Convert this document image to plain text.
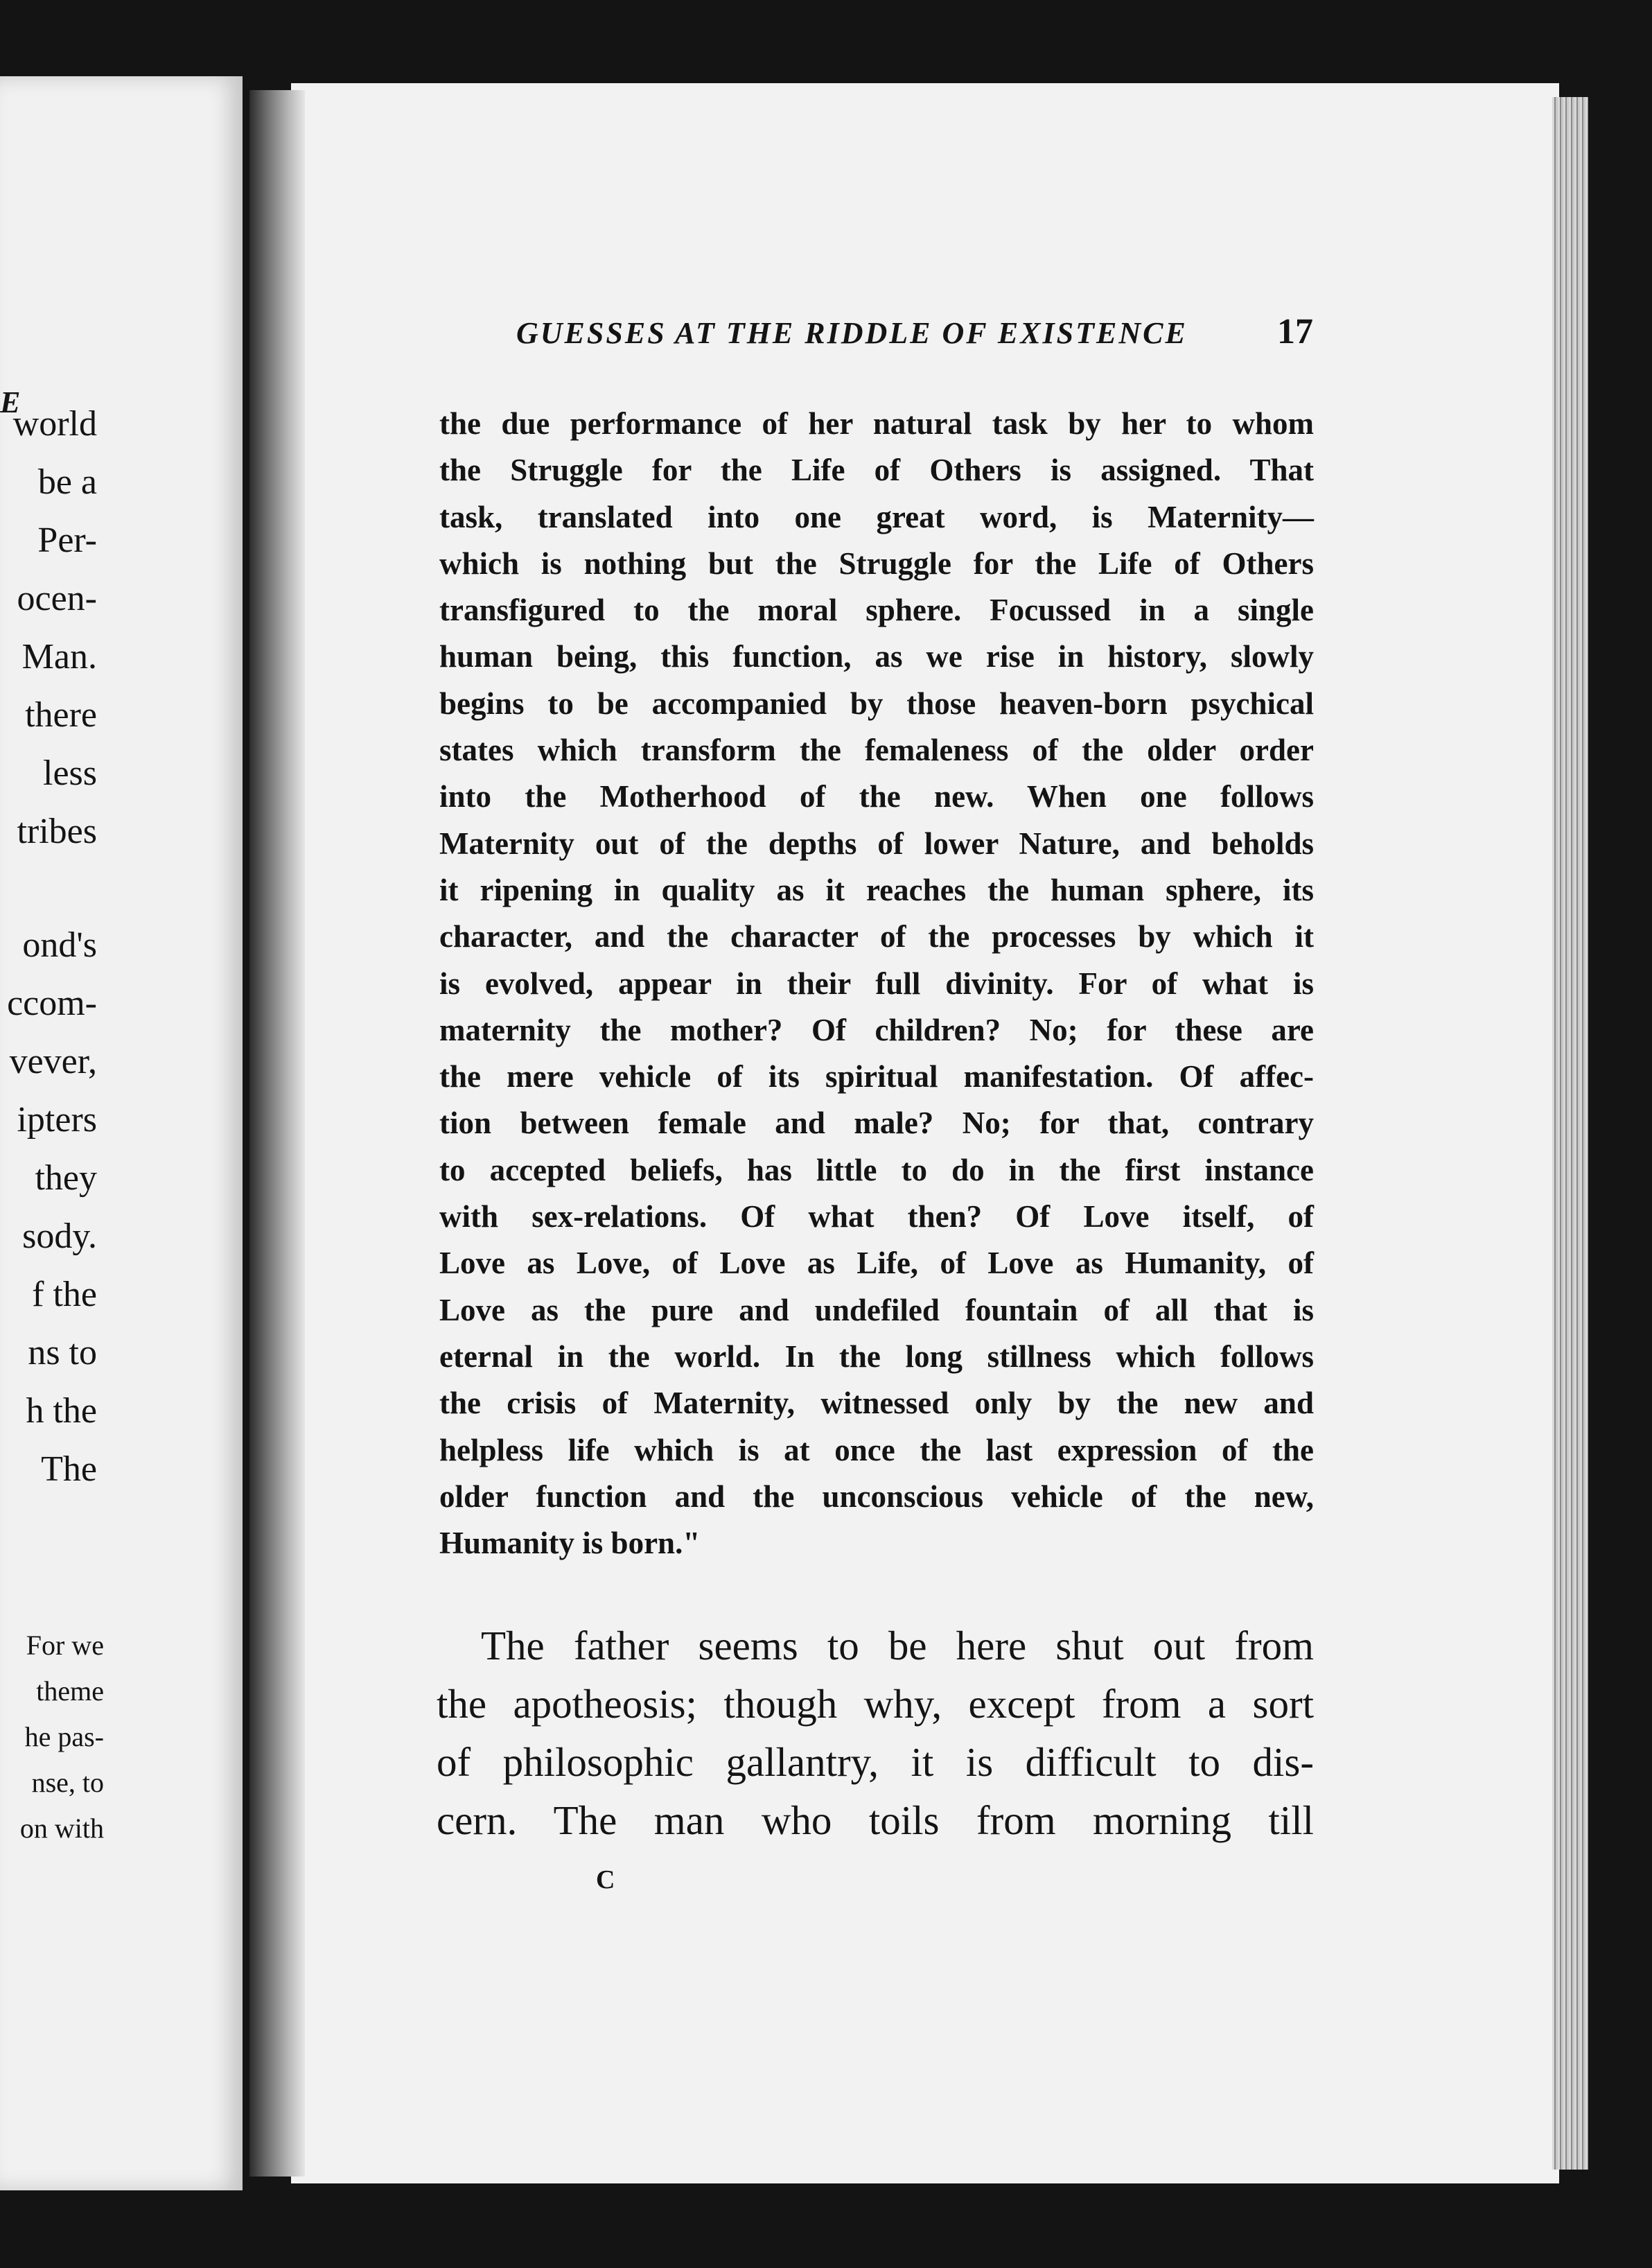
E
world
be a
Per-
ocen-
Man.
there
less
tribes
ond's
ccom-
vever,
ipters
they
sody.
f the
ns to
h the
The
For we
theme
he pas-
nse, to
on with
GUESSES AT THE RIDDLE OF EXISTENCE 17
the due performance of her natural task by her to whom
the Struggle for the Life of Others is assigned. That
task, translated into one great word, is Maternity—
which is nothing but the Struggle for the Life of Others
transfigured to the moral sphere. Focussed in a single
human being, this function, as we rise in history, slowly
begins to be accompanied by those heaven-born psychical
states which transform the femaleness of the older order
into the Motherhood of the new. When one follows
Maternity out of the depths of lower Nature, and beholds
it ripening in quality as it reaches the human sphere, its
character, and the character of the processes by which it
is evolved, appear in their full divinity. For of what is
maternity the mother? Of children? No; for these are
the mere vehicle of its spiritual manifestation. Of affec-
tion between female and male? No; for that, contrary
to accepted beliefs, has little to do in the first instance
with sex-relations. Of what then? Of Love itself, of
Love as Love, of Love as Life, of Love as Humanity, of
Love as the pure and undefiled fountain of all that is
eternal in the world. In the long stillness which follows
the crisis of Maternity, witnessed only by the new and
helpless life which is at once the last expression of the
older function and the unconscious vehicle of the new,
Humanity is born."
The father seems to be here shut out from
the apotheosis; though why, except from a sort
of philosophic gallantry, it is difficult to dis-
cern. The man who toils from morning till
C
